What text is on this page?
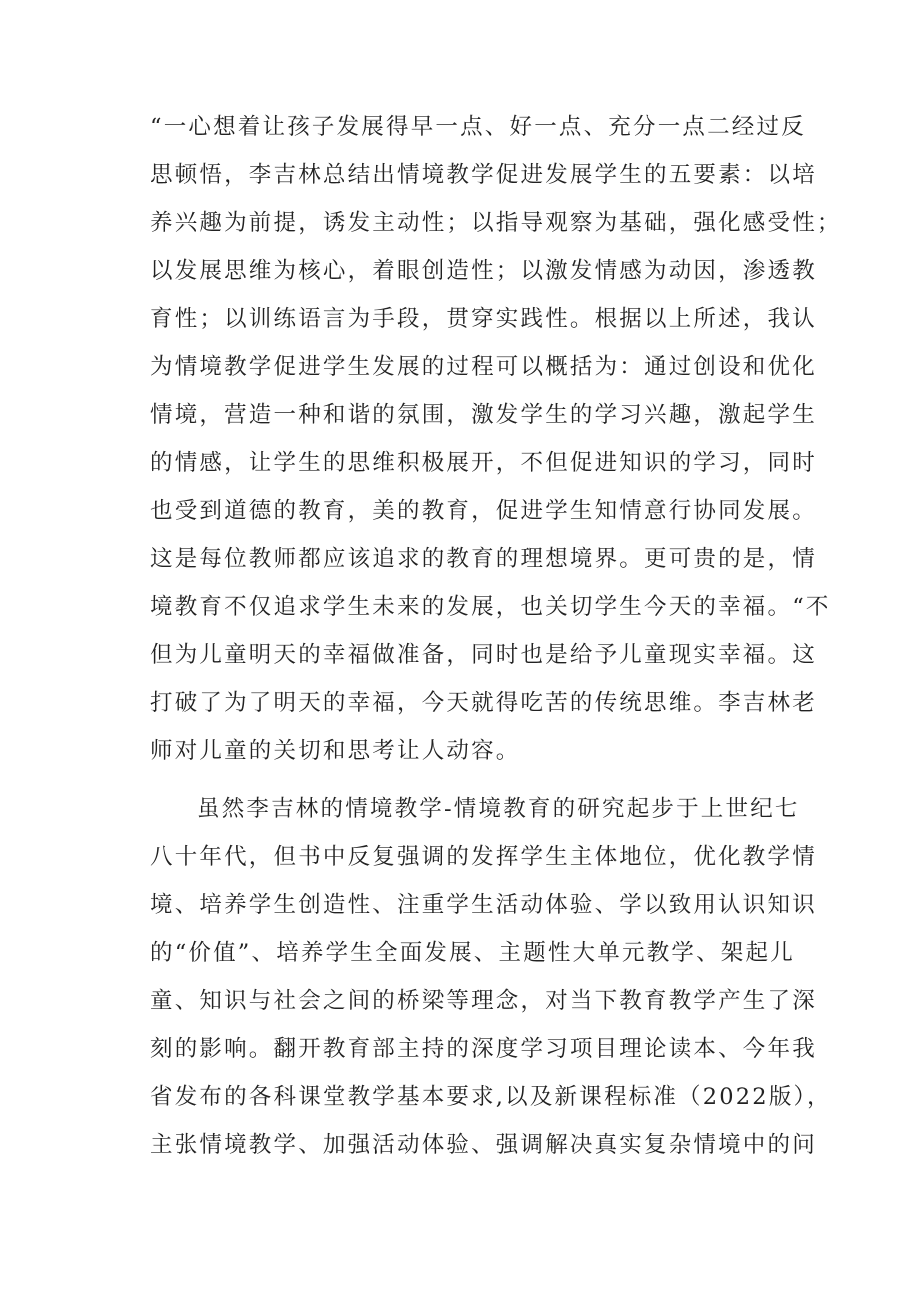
“一心想着让孩子发展得早一点、好一点、充分一点二经过反
思顿悟，李吉林总结出情境教学促进发展学生的五要素：以培
养兴趣为前提，诱发主动性；以指导观察为基础，强化感受性；
以发展思维为核心，着眼创造性；以激发情感为动因，渗透教
育性；以训练语言为手段，贯穿实践性。根据以上所述，我认
为情境教学促进学生发展的过程可以概括为：通过创设和优化
情境，营造一种和谐的氛围，激发学生的学习兴趣，激起学生
的情感，让学生的思维积极展开，不但促进知识的学习，同时
也受到道德的教育，美的教育，促进学生知情意行协同发展。
这是每位教师都应该追求的教育的理想境界。更可贵的是，情
境教育不仅追求学生未来的发展，也关切学生今天的幸福。“不
但为儿童明天的幸福做准备，同时也是给予儿童现实幸福。这
打破了为了明天的幸福，今天就得吃苦的传统思维。李吉林老
师对儿童的关切和思考让人动容。
虽然李吉林的情境教学-情境教育的研究起步于上世纪七
八十年代，但书中反复强调的发挥学生主体地位，优化教学情
境、培养学生创造性、注重学生活动体验、学以致用认识知识
的“价值”、培养学生全面发展、主题性大单元教学、架起儿
童、知识与社会之间的桥梁等理念，对当下教育教学产生了深
刻的影响。翻开教育部主持的深度学习项目理论读本、今年我
省发布的各科课堂教学基本要求,以及新课程标准（2022版），
主张情境教学、加强活动体验、强调解决真实复杂情境中的问
